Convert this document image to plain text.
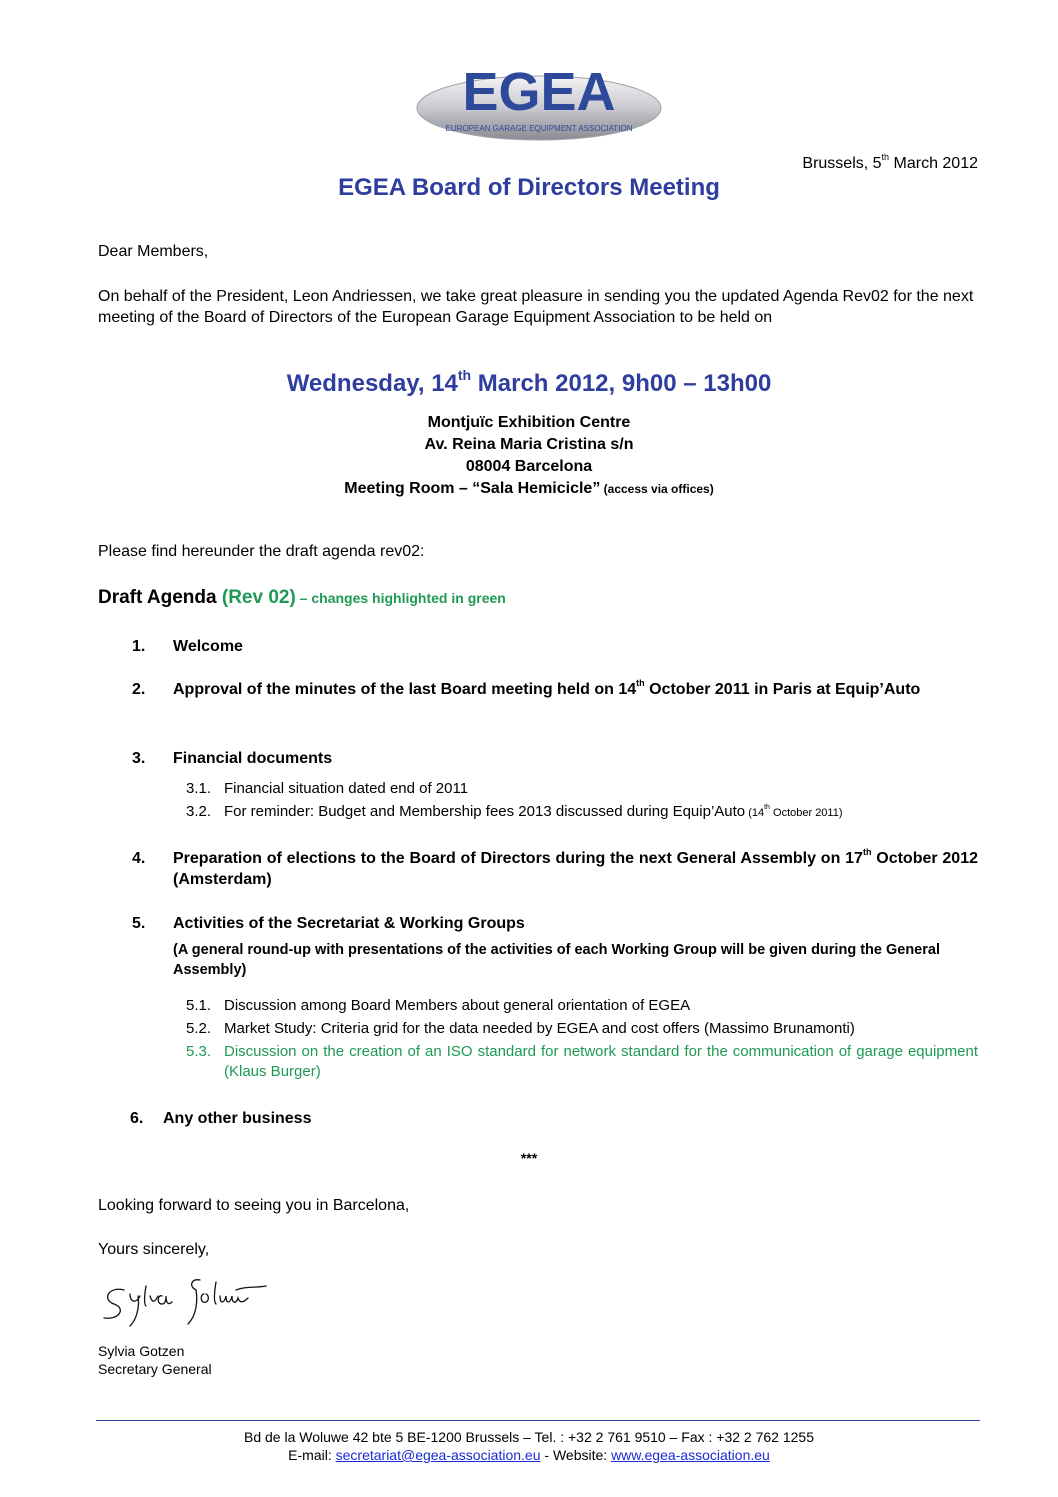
EGEA
EUROPEAN GARAGE EQUIPMENT ASSOCIATION
Brussels, 5th March 2012
EGEA Board of Directors Meeting
Dear Members,
On behalf of the President, Leon Andriessen, we take great pleasure in sending you the updated Agenda Rev02 for the next meeting of the Board of Directors of the European Garage Equipment Association to be held on
Wednesday, 14th March 2012, 9h00 – 13h00
Montjuïc Exhibition Centre
Av. Reina Maria Cristina s/n
08004 Barcelona
Meeting Room – “Sala Hemicicle” (access via offices)
Please find hereunder the draft agenda rev02:
Draft Agenda (Rev 02) – changes highlighted in green
1.	Welcome
2.	Approval of the minutes of the last Board meeting held on 14th October 2011 in Paris at Equip’Auto
3.	Financial documents
3.1. Financial situation dated end of 2011
3.2. For reminder: Budget and Membership fees 2013 discussed during Equip’Auto (14th October 2011)
4.	Preparation of elections to the Board of Directors during the next General Assembly on 17th October 2012 (Amsterdam)
5.	Activities of the Secretariat & Working Groups
(A general round-up with presentations of the activities of each Working Group will be given during the General Assembly)
5.1. Discussion among Board Members about general orientation of EGEA
5.2. Market Study: Criteria grid for the data needed by EGEA and cost offers (Massimo Brunamonti)
5.3. Discussion on the creation of an ISO standard for network standard for the communication of garage equipment (Klaus Burger)
6.	Any other business
***
Looking forward to seeing you in Barcelona,
Yours sincerely,
Sylvia Gotzen
Secretary General
Bd de la Woluwe 42 bte 5 BE-1200 Brussels – Tel. : +32 2 761 9510 – Fax : +32 2 762 1255
E-mail: secretariat@egea-association.eu - Website: www.egea-association.eu
